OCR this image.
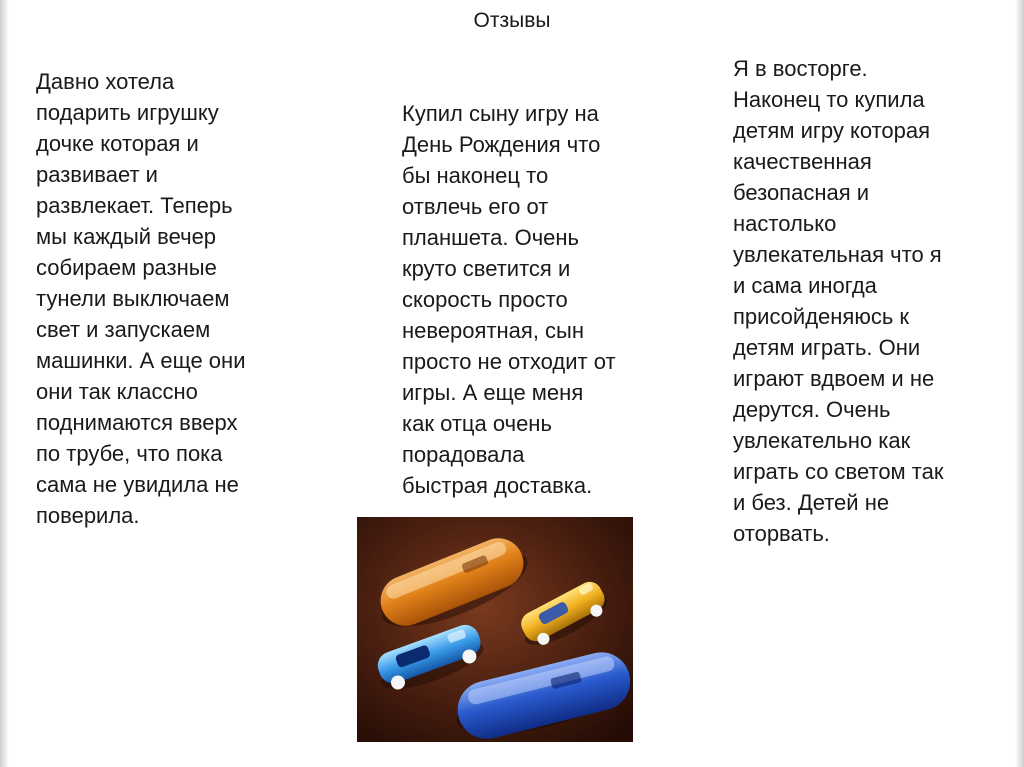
Отзывы

Давно хотела
подарить игрушку
дочке которая и
развивает и
развлекает. Теперь
мы каждый вечер
собираем разные
тунели выключаем
свет и запускаем
машинки. А еще они
они так классно
поднимаются вверх
по трубе, что пока
сама не увидила не
поверила.

Купил сыну игру на
День Рождения что
бы наконец то
отвлечь его от
планшета. Очень
круто светится и
скорость просто
невероятная, сын
просто не отходит от
игры. А еще меня
как отца очень
порадовала
быстрая доставка.

Я в восторге.
Наконец то купила
детям игру которая
качественная
безопасная и
настолько
увлекательная что я
и сама иногда
присойденяюсь к
детям играть. Они
играют вдвоем и не
дерутся. Очень
увлекательно как
играть со светом так
и без. Детей не
оторвать.
